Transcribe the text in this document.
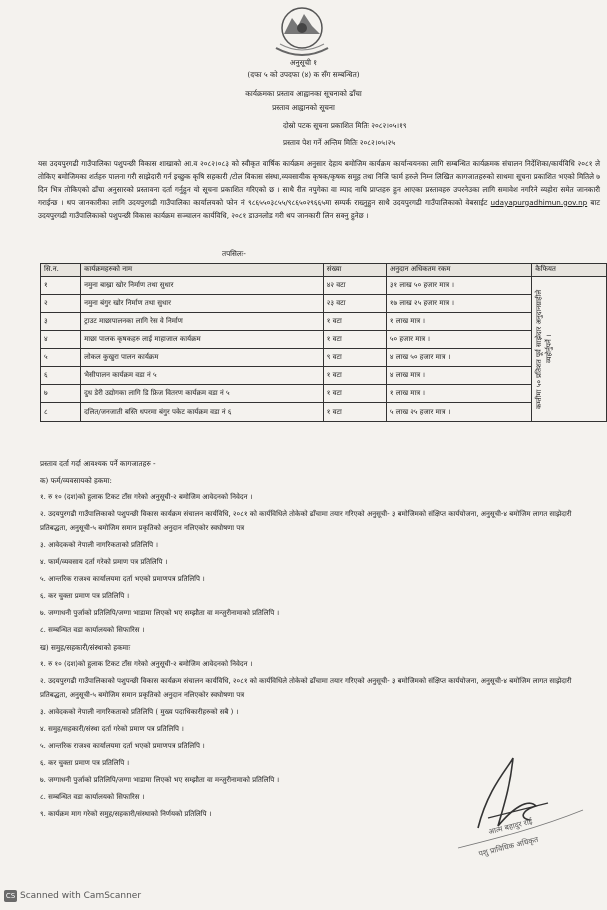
अनुसूची १
(दफा ५ को उपदफा (४) क सँग सम्बन्धित)
कार्यक्रमका प्रस्ताव आह्वानका सूचनाको ढाँचा
प्रस्ताव आह्वानको सूचना
दोस्रो पटक सूचना प्रकाशित मितिः २०८२।०५।१९
प्रस्ताव पेश गर्ने अन्तिम मितिः २०८२।०५।२५
यस उदयपुरगढी गाउँपालिका पशुपन्छी विकास शाखाको आ.व २०८२।०८३ को स्वीकृत वार्षिक कार्यक्रम अनुसार देहाय बमोजिम कार्यक्रम कार्यान्वयनका लागि सम्बन्धित कार्यक्रमक संचालन निर्देशिका/कार्यविधि २०८१ ले तोकिए बमोजिमका शर्तहरु पालना गरी साझेदारी गर्न इच्छुक कृषि सहकारी /टोल विकास संस्था,व्यवसायीक कृषक/कृषक समूह तथा निजि फार्म हरुले निम्न लिखित कागजातहरुको साथमा सूचना प्रकाशित भएको मितिले ७ दिन भित्र तोकिएको ढाँचा अनुसारको प्रस्तावना दर्ता गर्नुहुन यो सूचना प्रकाशित गरिएको छ । साथै रीत नपुगेका वा म्याद नाघि प्राप्तहरु हुन आएका प्रस्तावहरु उपरनेउका लागि समावेश नगरिने व्यहोरा समेत जानकारी गराईन्छ । थप जानकारीका लागि उदयपुरगढी गाउँपालिका कार्यालयको फोन नं ९८६५५०३८५५/९८६५०२९६६५मा सम्पर्क राख्नुहुन साथै उदयपुरगढी गाउँपालिकाको वेबसाईट udayapurgadhimun.gov.np बाट उदयपुरगढी गाउँपालिकाको पशुपन्छी विकास कार्यक्रम सञ्चालन कार्यविधि, २०८१ डाउनलोड गरी थप जानकारी लिन सक्नु हुनेछ ।
तपसिलः-
सि.न.	कार्यक्रमहरुको नाम	संख्या	अनुदान अधिकतम रकम	कैफियत
१	नमुना बाख्रा खोर निर्माण तथा सुधार	४२ वटा	३१ लाख ५० हजार मात्र ।	कम्तीमा ५० प्रतिशत पूर्व साझेदार अनुदानग्राहीले व्यहोर्नुपर्ने ।

२	नमुना बंगुर खोर निर्माण तथा सुधार	२३ वटा	१७ लाख २५ हजार मात्र ।	
३	ट्राउट माछापालनका लागि रेस वे निर्माण	१ वटा	१ लाख मात्र ।	
४	माछा पालक कृषकहरु लाई माहाजाल कार्यक्रम	१ वटा	५० हजार मात्र ।	
५	लोकल कुखुरा पालन कार्यक्रम	९ वटा	४ लाख ५० हजार मात्र ।	
६	भैसीपालन कार्यक्रम वडा नं ५	१ वटा	४ लाख मात्र ।	
७	दुध डेरी उद्योगका लागि डि फ्रिज वितरण कार्यक्रम वडा नं ५	१ वटा	१ लाख मात्र ।	
८	दलित/जनजाती बस्ति धपरमा बंगुर पकेट कार्यक्रम वडा नं ६	१ वटा	५ लाख २५ हजार मात्र ।	
प्रस्ताव दर्ता गर्दा आवश्यक पर्ने कागजातहरु -
क) फर्म/व्यवसायको हकमा:
१. रु १० (दश)को हुलाक टिकट टाँस गरेको अनुसूची-२ बमोजिम आवेदनको निवेदन ।
२. उदयपुरगढी गाउँपालिकाको पशुपन्छी विकास कार्यक्रम संचालन कार्यविधि, २०८१ को कार्यविधिले तोकेको ढाँचामा तयार गरिएको अनुसूची- ३ बमोजिमको संक्षिप्त कार्ययोजना, अनुसूची-४ बमोजिम लागत साझेदारी प्रतिबद्धता, अनुसूची-५ बमोजिम समान प्रकृतिको अनुदान नलिएकोर स्वघोषणा पत्र
३. आवेदकको नेपाली नागरिकताको प्रतिलिपि ।
४. फार्म/व्यवसाय दर्ता गरेको प्रमाण पत्र प्रतिलिपि ।
५. आन्तरिक राजश्व कार्यालयमा दर्ता भएको प्रमाणपत्र प्रतिलिपि ।
६. कर चुक्ता प्रमाण पत्र प्रतिलिपि ।
७. जग्गाधनी पुर्जाको प्रतिलिपि/जग्गा भाडामा लिएको भए सम्झौता वा मन्जुरीनामाको प्रतिलिपि ।
८. सम्बन्धित वडा कार्यालयको सिफारिस ।
ख) समुह/सहकारी/संस्थाको हकमाः
१. रु १० (दश)को हुलाक टिकट टाँस गरेको अनुसूची-२ बमोजिम आवेदनको निवेदन ।
२. उदयपुरगढी गाउँपालिकाको पशुपन्छी विकास कार्यक्रम संचालन कार्यविधि, २०८१ को कार्यविधिले तोकेको ढाँचामा तयार गरिएको अनुसूची- ३ बमोजिमको संक्षिप्त कार्ययोजना, अनुसूची-४ बमोजिम लागत साझेदारी प्रतिबद्धता, अनुसूची-५ बमोजिम समान प्रकृतिको अनुदान नलिएकोर स्वघोषणा पत्र
३. आवेदकको नेपाली नागरिकताको प्रतिलिपि ( मुख्य पदाधिकारीहरुको सबै ) ।
४. समुह/सहकारी/संस्था दर्ता गरेको प्रमाण पत्र प्रतिलिपि ।
५. आन्तरिक राजश्व कार्यालयमा दर्ता भएको प्रमाणपत्र प्रतिलिपि ।
६. कर चुक्ता प्रमाण पत्र प्रतिलिपि ।
७. जग्गाधनी पुर्जाको प्रतिलिपि/जग्गा भाडामा लिएको भए सम्झौता वा मन्जुरीनामाको प्रतिलिपि ।
८. सम्बन्धित वडा कार्यालयको सिफारिस ।
९. कार्यक्रम माग गरेको समुह/सहकारी/संस्थाको निर्णयको प्रतिलिपि ।
आत्म बहादुर राई
पशु प्राविधिक अधिकृत
CS Scanned with CamScanner
